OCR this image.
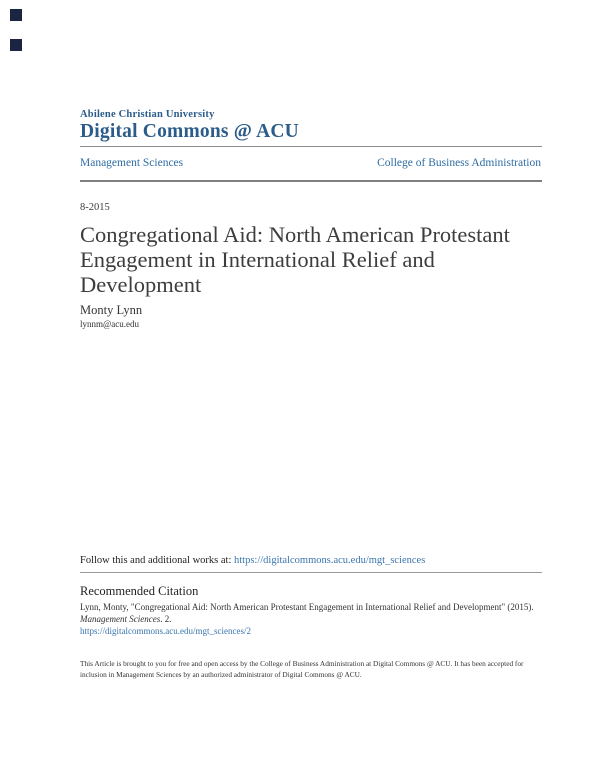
Abilene Christian University
Digital Commons @ ACU
Management Sciences	College of Business Administration
8-2015
Congregational Aid: North American Protestant
Engagement in International Relief and
Development
Monty Lynn
lynnm@acu.edu
Follow this and additional works at: https://digitalcommons.acu.edu/mgt_sciences
Recommended Citation
Lynn, Monty, "Congregational Aid: North American Protestant Engagement in International Relief and Development" (2015).
Management Sciences. 2.
https://digitalcommons.acu.edu/mgt_sciences/2
This Article is brought to you for free and open access by the College of Business Administration at Digital Commons @ ACU. It has been accepted for
inclusion in Management Sciences by an authorized administrator of Digital Commons @ ACU.
